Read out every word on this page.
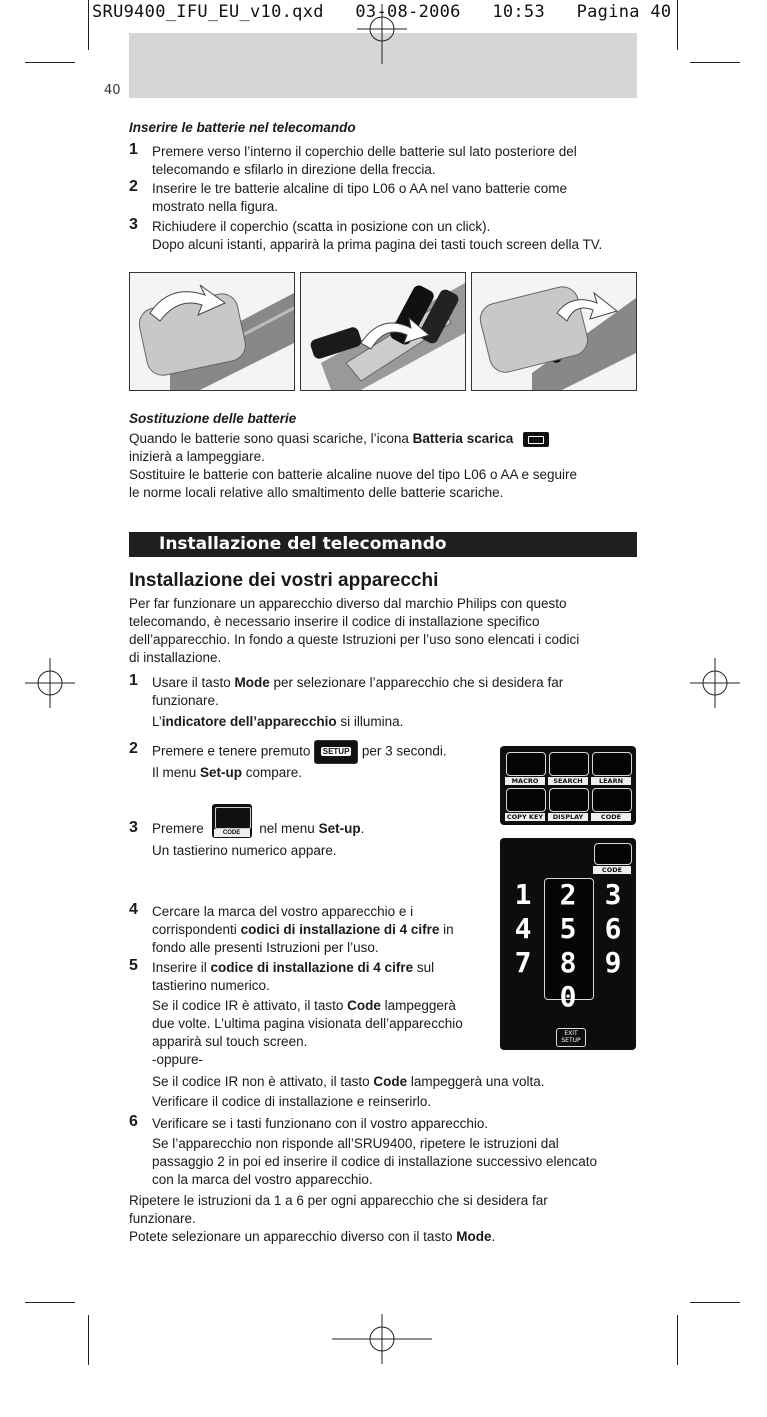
SRU9400_IFU_EU_v10.qxd   03-08-2006   10:53   Pagina 40
40
Inserire le batterie nel telecomando
1 Premere verso l’interno il coperchio delle batterie sul lato posteriore del
telecomando e sfilarlo in direzione della freccia.
2 Inserire le tre batterie alcaline di tipo L06 o AA nel vano batterie come
mostrato nella figura.
3 Richiudere il coperchio (scatta in posizione con un click).
Dopo alcuni istanti, apparirà la prima pagina dei tasti touch screen della TV.
Sostituzione delle batterie
Quando le batterie sono quasi scariche, l’icona Batteria scarica
inizierà a lampeggiare.
Sostituire le batterie con batterie alcaline nuove del tipo L06 o AA e seguire
le norme locali relative allo smaltimento delle batterie scariche.
Installazione del telecomando
Installazione dei vostri apparecchi
Per far funzionare un apparecchio diverso dal marchio Philips con questo
telecomando, è necessario inserire il codice di installazione specifico
dell’apparecchio. In fondo a queste Istruzioni per l’uso sono elencati i codici
di installazione.
1 Usare il tasto Mode per selezionare l’apparecchio che si desidera far
funzionare.
L’indicatore dell’apparecchio si illumina.
2 Premere e tenere premuto SETUP per 3 secondi.
Il menu Set-up compare.
3 Premere	CODE	nel menu Set-up.
Un tastierino numerico appare.
4 Cercare la marca del vostro apparecchio e i
corrispondenti codici di installazione di 4 cifre in
fondo alle presenti Istruzioni per l’uso.
5 Inserire il codice di installazione di 4 cifre sul
tastierino numerico.
Se il codice IR è attivato, il tasto Code lampeggerà
due volte. L’ultima pagina visionata dell’apparecchio
apparirà sul touch screen.
-oppure-
Se il codice IR non è attivato, il tasto Code lampeggerà una volta.
Verificare il codice di installazione e reinserirlo.
6 Verificare se i tasti funzionano con il vostro apparecchio.
Se l’apparecchio non risponde all’SRU9400, ripetere le istruzioni dal
passaggio 2 in poi ed inserire il codice di installazione successivo elencato
con la marca del vostro apparecchio.
Ripetere le istruzioni da 1 a 6 per ogni apparecchio che si desidera far
funzionare.
Potete selezionare un apparecchio diverso con il tasto Mode.
MACRO	SEARCH	LEARN
COPY KEY	DISPLAY	CODE
CODE
1 2 3
4 5 6
7 8 9
0
EXIT SETUP
